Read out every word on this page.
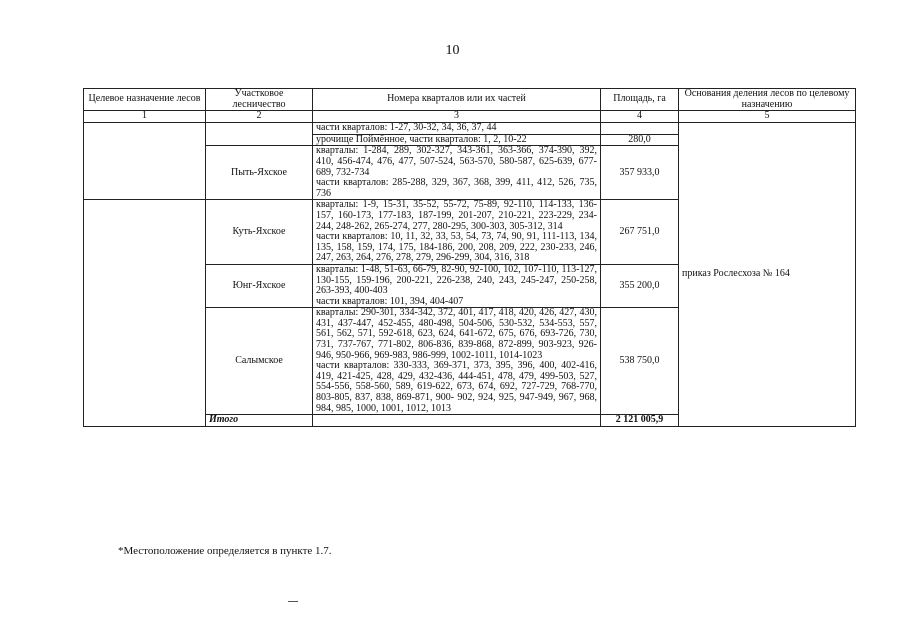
10
Целевое назначение лесов	Участковое лесничество	Номера кварталов или их частей	Площадь, га	Основания деления лесов по целевому назначению
1	2	3	4	5
		части кварталов: 1-27, 30-32, 34, 36, 37, 44		приказ Рослесхоза № 164
		урочище Поймённое, части кварталов: 1, 2, 10-22	280,0	
	Пыть-Яхское	кварталы: 1-284, 289, 302-327, 343-361, 363-366, 374-390, 392, 410, 456-474, 476, 477, 507-524, 563-570, 580-587, 625-639, 677-689, 732-734
части кварталов: 285-288, 329, 367, 368, 399, 411, 412, 526, 735, 736	357 933,0	
	Куть-Яхское	кварталы: 1-9, 15-31, 35-52, 55-72, 75-89, 92-110, 114-133, 136-157, 160-173, 177-183, 187-199, 201-207, 210-221, 223-229, 234-244, 248-262, 265-274, 277, 280-295, 300-303, 305-312, 314
части кварталов: 10, 11, 32, 33, 53, 54, 73, 74, 90, 91, 111-113, 134, 135, 158, 159, 174, 175, 184-186, 200, 208, 209, 222, 230-233, 246, 247, 263, 264, 276, 278, 279, 296-299, 304, 316, 318	267 751,0	
	Юнг-Яхское	кварталы: 1-48, 51-63, 66-79, 82-90, 92-100, 102, 107-110, 113-127, 130-155, 159-196, 200-221, 226-238, 240, 243, 245-247, 250-258, 263-393, 400-403
части кварталов: 101, 394, 404-407	355 200,0	
	Салымское	кварталы: 290-301, 334-342, 372, 401, 417, 418, 420, 426, 427, 430, 431, 437-447, 452-455, 480-498, 504-506, 530-532, 534-553, 557, 561, 562, 571, 592-618, 623, 624, 641-672, 675, 676, 693-726, 730, 731, 737-767, 771-802, 806-836, 839-868, 872-899, 903-923, 926-946, 950-966, 969-983, 986-999, 1002-1011, 1014-1023
части кварталов: 330-333, 369-371, 373, 395, 396, 400, 402-416, 419, 421-425, 428, 429, 432-436, 444-451, 478, 479, 499-503, 527, 554-556, 558-560, 589, 619-622, 673, 674, 692, 727-729, 768-770, 803-805, 837, 838, 869-871, 900- 902, 924, 925, 947-949, 967, 968, 984, 985, 1000, 1001, 1012, 1013	538 750,0	
	Итого		2 121 005,9	
*Местоположение определяется в пункте 1.7.
